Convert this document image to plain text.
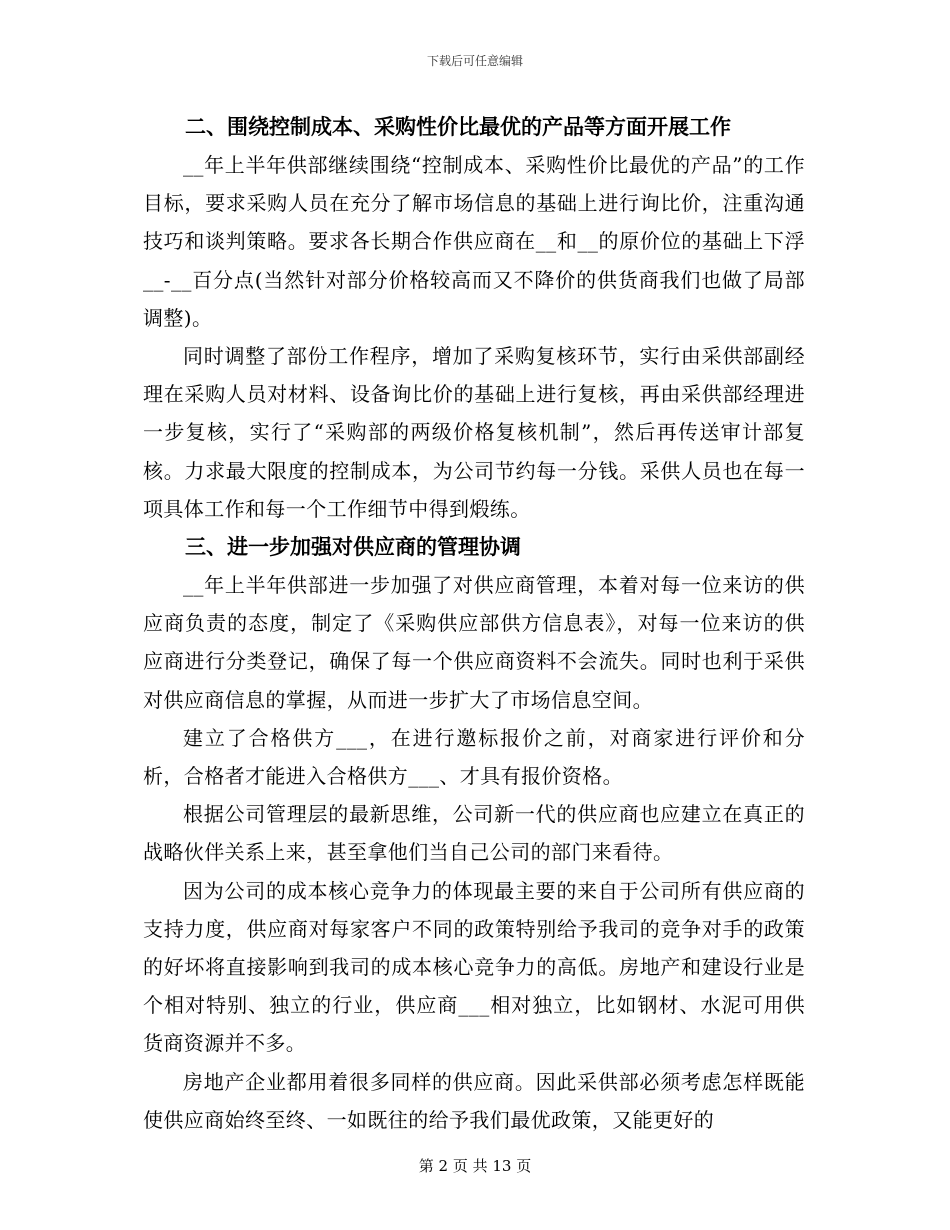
下载后可任意编辑
二、围绕控制成本、采购性价比最优的产品等方面开展工作

__年上半年供部继续围绕“控制成本、采购性价比最优的产品”的工作目标，要求采购人员在充分了解市场信息的基础上进行询比价，注重沟通技巧和谈判策略。要求各长期合作供应商在__和__的原价位的基础上下浮__-__百分点(当然针对部分价格较高而又不降价的供货商我们也做了局部调整)。

同时调整了部份工作程序，增加了采购复核环节，实行由采供部副经理在采购人员对材料、设备询比价的基础上进行复核，再由采供部经理进一步复核，实行了“采购部的两级价格复核机制”，然后再传送审计部复核。力求最大限度的控制成本，为公司节约每一分钱。采供人员也在每一项具体工作和每一个工作细节中得到煅练。

三、进一步加强对供应商的管理协调

__年上半年供部进一步加强了对供应商管理，本着对每一位来访的供应商负责的态度，制定了《采购供应部供方信息表》，对每一位来访的供应商进行分类登记，确保了每一个供应商资料不会流失。同时也利于采供对供应商信息的掌握，从而进一步扩大了市场信息空间。

建立了合格供方___，在进行邀标报价之前，对商家进行评价和分析，合格者才能进入合格供方___、才具有报价资格。

根据公司管理层的最新思维，公司新一代的供应商也应建立在真正的战略伙伴关系上来，甚至拿他们当自己公司的部门来看待。

因为公司的成本核心竞争力的体现最主要的来自于公司所有供应商的支持力度，供应商对每家客户不同的政策特别给予我司的竞争对手的政策的好坏将直接影响到我司的成本核心竞争力的高低。房地产和建设行业是个相对特别、独立的行业，供应商___相对独立，比如钢材、水泥可用供货商资源并不多。

房地产企业都用着很多同样的供应商。因此采供部必须考虑怎样既能使供应商始终至终、一如既往的给予我们最优政策，又能更好的

第 2 页 共 13 页
